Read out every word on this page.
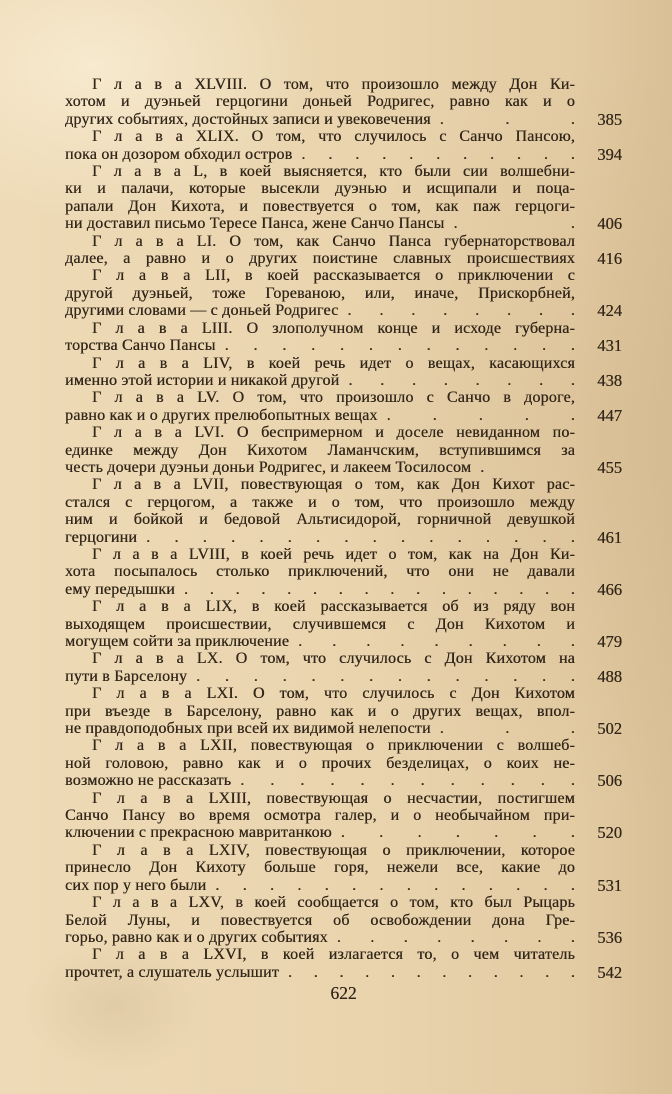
Г л а в а XLVIII. О том, что произошло между Дон Ки-
хотом и дуэньей герцогини доньей Родригес, равно как и о
других событиях, достойных записи и увековечения . . . 385
Г л а в а XLIX. О том, что случилось с Санчо Пансою,
пока он дозором обходил остров . . . . . . . . . . . 394
Г л а в а L, в коей выясняется, кто были сии волшебни-
ки и палачи, которые высекли дуэнью и исщипали и поца-
рапали Дон Кихота, и повествуется о том, как паж герцоги-
ни доставил письмо Тересе Панса, жене Санчо Пансы . . 406
Г л а в а LI. О том, как Санчо Панса губернаторствовал
далее, а равно и о других поистине славных происшествиях 416
Г л а в а LII, в коей рассказывается о приключении с
другой дуэньей, тоже Гореваною, или, иначе, Прискорбней,
другими словами — с доньей Родригес . . . . . . . . 424
Г л а в а LIII. О злополучном конце и исходе губерна-
торства Санчо Пансы . . . . . . . . . . . . . 431
Г л а в а LIV, в коей речь идет о вещах, касающихся
именно этой истории и никакой другой . . . . . . . . 438
Г л а в а LV. О том, что произошло с Санчо в дороге,
равно как и о других прелюбопытных вещах . . . . . 447
Г л а в а LVI. О беспримерном и доселе невиданном по-
единке между Дон Кихотом Ламанчским, вступившимся за
честь дочери дуэньи доньи Родригес, и лакеем Тосилосом .	455
Г л а в а LVII, повествующая о том, как Дон Кихот рас-
стался с герцогом, а также и о том, что произошло между
ним и бойкой и бедовой Альтисидорой, горничной девушкой
герцогини . . . . . . . . . . . . . . . . 461
Г л а в а LVIII, в коей речь идет о том, как на Дон Ки-
хота посыпалось столько приключений, что они не давали
ему передышки . . . . . . . . . . . . . . . . 466
Г л а в а LIX, в коей рассказывается об из ряду вон
выходящем происшествии, случившемся с Дон Кихотом и
могущем сойти за приключение . . . . . . . . . 479
Г л а в а LX. О том, что случилось с Дон Кихотом на
пути в Барселону . . . . . . . . . . . . . . 488
Г л а в а LXI. О том, что случилось с Дон Кихотом
при въезде в Барселону, равно как и о других вещах, впол-
не правдоподобных при всей их видимой нелепости . . . 502
Г л а в а LXII, повествующая о приключении с волшеб-
ной головою, равно как и о прочих безделицах, о коих не-
возможно не рассказать . . . . . . . . . . . . 506
Г л а в а LXIII, повествующая о несчастии, постигшем
Санчо Пансу во время осмотра галер, и о необычайном при-
ключении с прекрасною мавританкою . . . . . . . 520
Г л а в а LXIV, повествующая о приключении, которое
принесло Дон Кихоту больше горя, нежели все, какие до
сих пор у него были . . . . . . . . . . . . . . 531
Г л а в а LXV, в коей сообщается о том, кто был Рыцарь
Белой Луны, и повествуется об освобождении дона Гре-
горьо, равно как и о других событиях . . . . . . . . 536
Г л а в а LXVI, в коей излагается то, о чем читатель
прочтет, а слушатель услышит . . . . . . . . . . . . 542
622
